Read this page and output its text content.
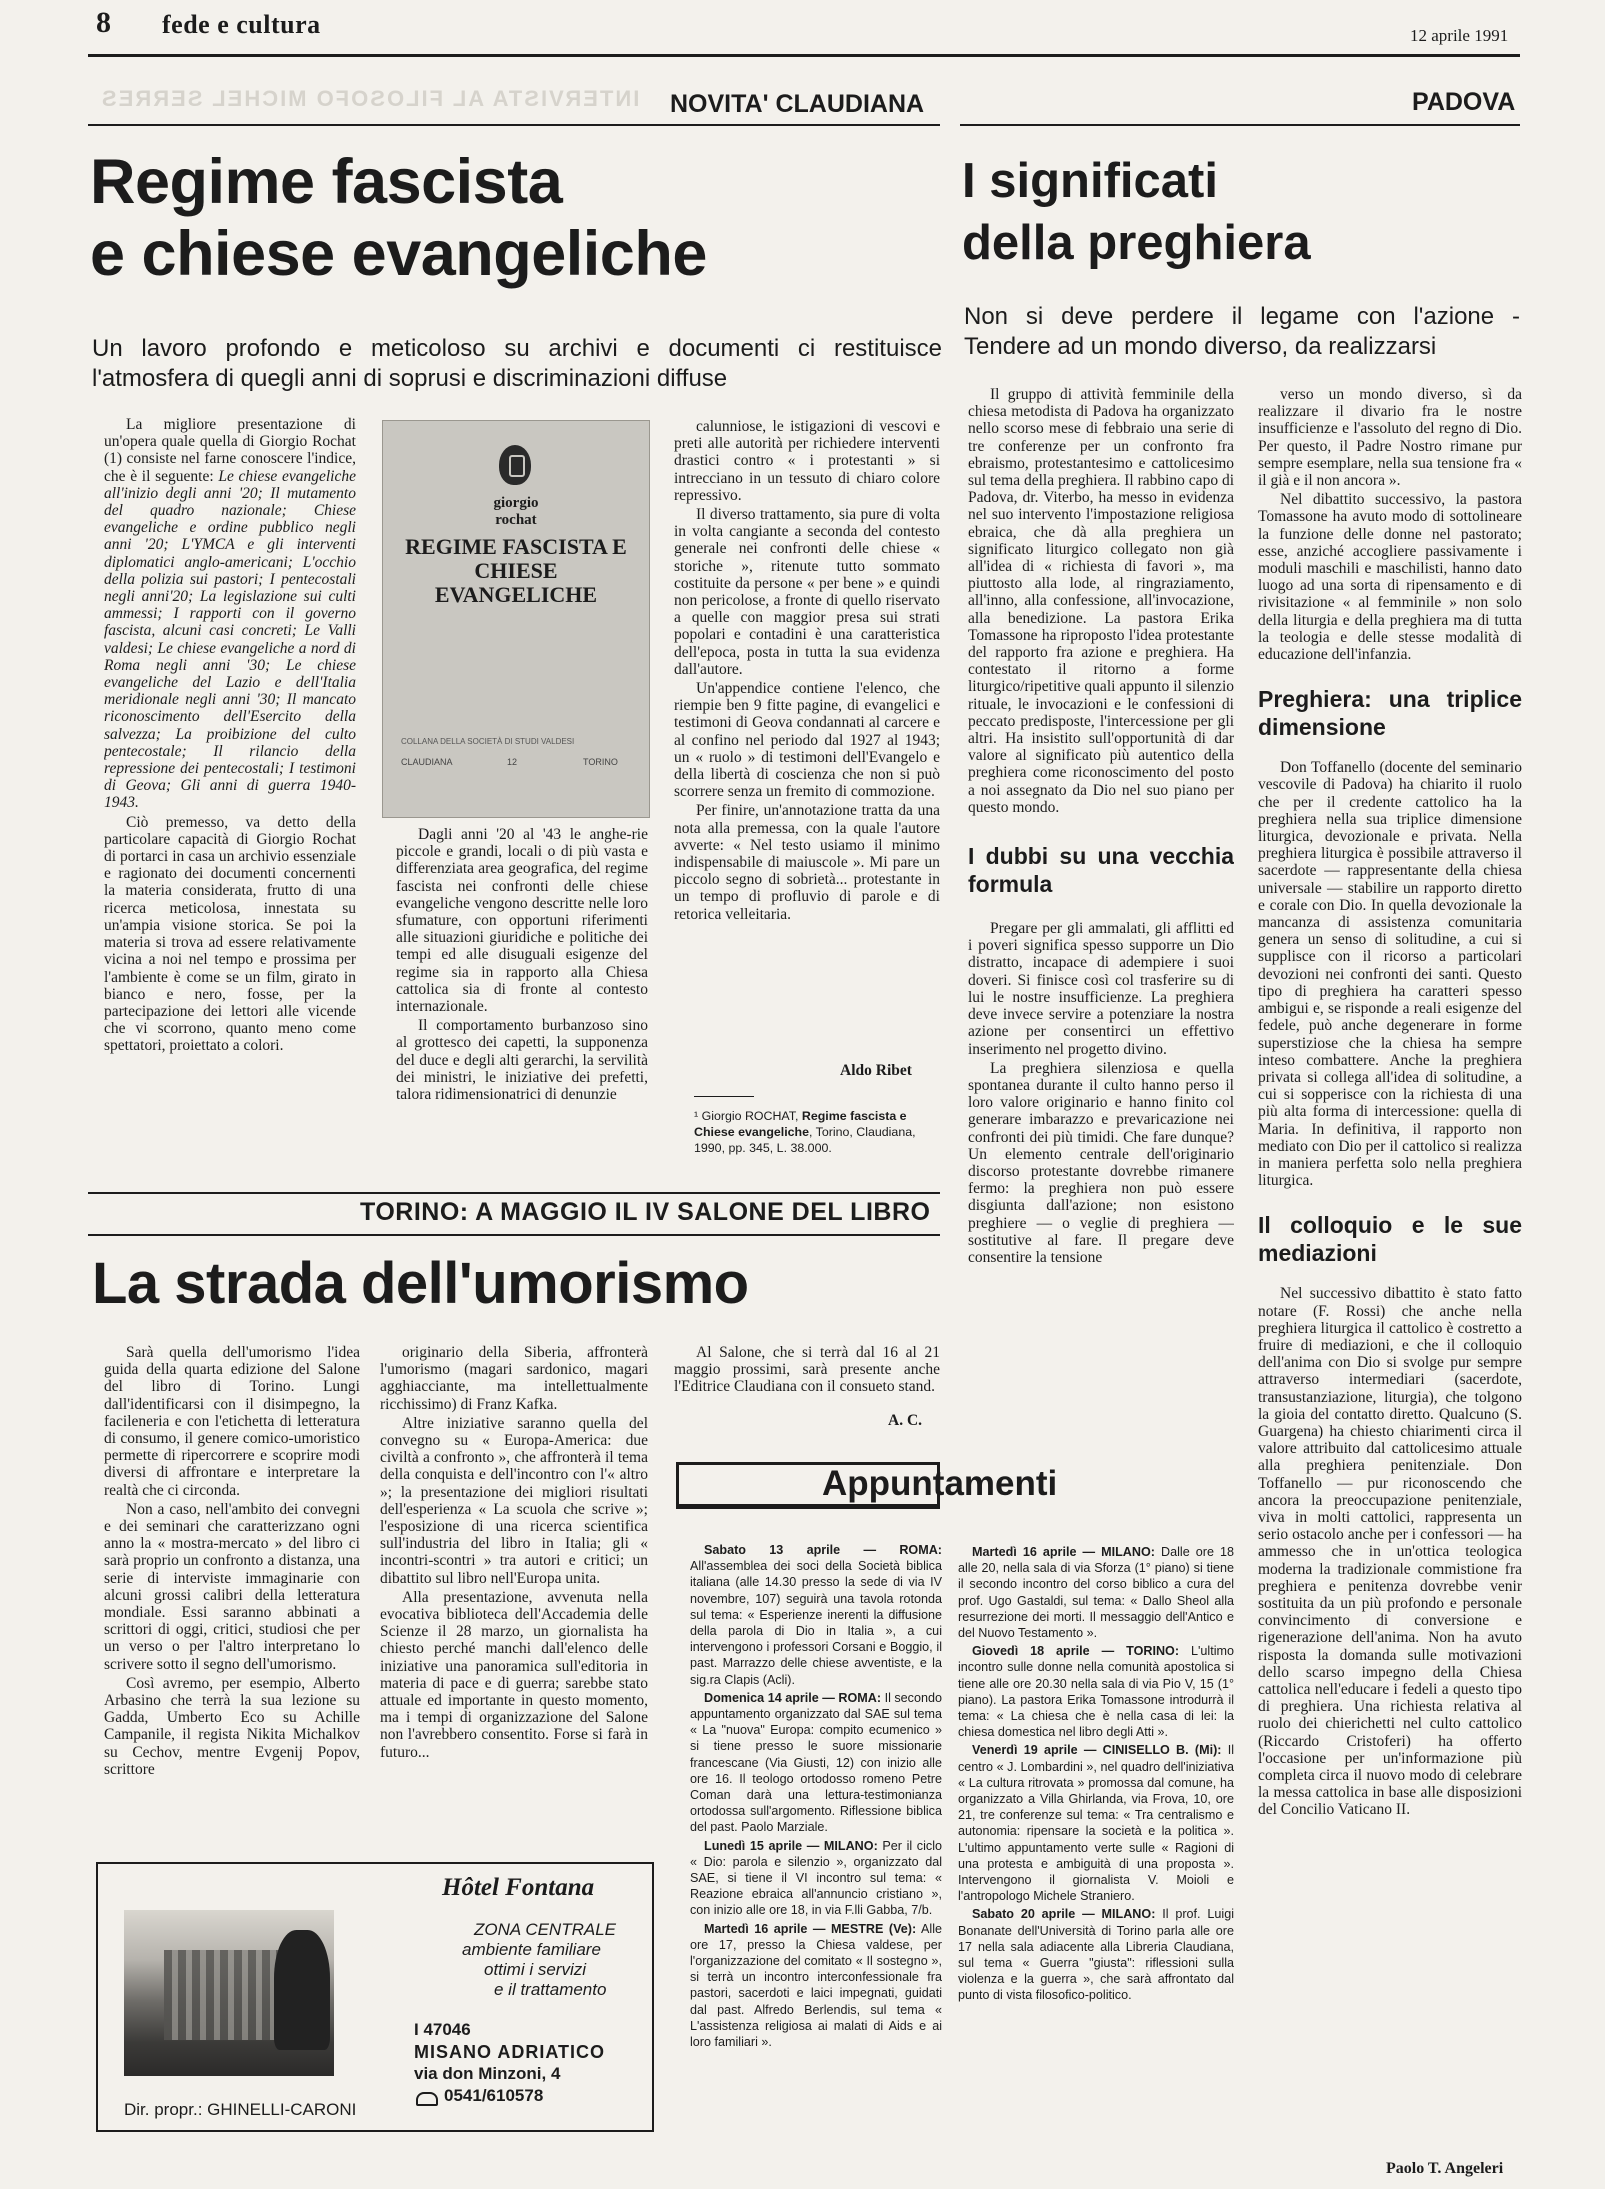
8 fede e cultura	12 aprile 1991
INTERVISTA AL FILOSOFO MICHEL SERRES NOVITA' CLAUDIANA	PADOVA
Regime fascista
e chiese evangeliche
Un lavoro profondo e meticoloso su archivi e documenti ci restituisce l'atmosfera di quegli anni di soprusi e discriminazioni diffuse

La migliore presentazione di un'opera quale quella di Giorgio Rochat (1) consiste nel farne conoscere l'indice, che è il seguente: Le chiese evangeliche all'inizio degli anni '20; Il mutamento del quadro nazionale; Chiese evangeliche e ordine pubblico negli anni '20; L'YMCA e gli interventi diplomatici anglo-americani; L'occhio della polizia sui pastori; I pentecostali negli anni'20; La legislazione sui culti ammessi; I rapporti con il governo fascista, alcuni casi concreti; Le Valli valdesi; Le chiese evangeliche a nord di Roma negli anni '30; Le chiese evangeliche del Lazio e dell'Italia meridionale negli anni '30; Il mancato riconoscimento dell'Esercito della salvezza; La proibizione del culto pentecostale; Il rilancio della repressione dei pentecostali; I testimoni di Geova; Gli anni di guerra 1940-1943.

Ciò premesso, va detto della particolare capacità di Giorgio Rochat di portarci in casa un archivio essenziale e ragionato dei documenti concernenti la materia considerata, frutto di una ricerca meticolosa, innestata su un'ampia visione storica. Se poi la materia si trova ad essere relativamente vicina a noi nel tempo e prossima per l'ambiente è come se un film, girato in bianco e nero, fosse, per la partecipazione dei lettori alle vicende che vi scorrono, quanto meno come spettatori, proiettato a colori.

giorgio
rochat
REGIME FASCISTA E CHIESE EVANGELICHE
COLLANA DELLA SOCIETÀ DI STUDI VALDESI
CLAUDIANA	12	TORINO

Dagli anni '20 al '43 le anghe-rie piccole e grandi, locali o di più vasta e differenziata area geografica, del regime fascista nei confronti delle chiese evangeliche vengono descritte nelle loro sfumature, con opportuni riferimenti alle situazioni giuridiche e politiche dei tempi ed alle disuguali esigenze del regime sia in rapporto alla Chiesa cattolica sia di fronte al contesto internazionale.

Il comportamento burbanzoso sino al grottesco dei capetti, la supponenza del duce e degli alti gerarchi, la servilità dei ministri, le iniziative dei prefetti, talora ridimensionatrici di denunzie

calunniose, le istigazioni di vescovi e preti alle autorità per richiedere interventi drastici contro « i protestanti » si intrecciano in un tessuto di chiaro colore repressivo.

Il diverso trattamento, sia pure di volta in volta cangiante a seconda del contesto generale nei confronti delle chiese « storiche », ritenute tutto sommato costituite da persone « per bene » e quindi non pericolose, a fronte di quello riservato a quelle con maggior presa sui strati popolari e contadini è una caratteristica dell'epoca, posta in tutta la sua evidenza dall'autore.

Un'appendice contiene l'elenco, che riempie ben 9 fitte pagine, di evangelici e testimoni di Geova condannati al carcere e al confino nel periodo dal 1927 al 1943; un « ruolo » di testimoni dell'Evangelo e della libertà di coscienza che non si può scorrere senza un fremito di commozione.

Per finire, un'annotazione tratta da una nota alla premessa, con la quale l'autore avverte: « Nel testo usiamo il minimo indispensabile di maiuscole ». Mi pare un piccolo segno di sobrietà... protestante in un tempo di profluvio di parole e di retorica velleitaria.

Aldo Ribet
¹ Giorgio ROCHAT, Regime fascista e Chiese evangeliche, Torino, Claudiana, 1990, pp. 345, L. 38.000.
TORINO: A MAGGIO IL IV SALONE DEL LIBRO
La strada dell'umorismo

Sarà quella dell'umorismo l'idea guida della quarta edizione del Salone del libro di Torino. Lungi dall'identificarsi con il disimpegno, la facileneria e con l'etichetta di letteratura di consumo, il genere comico-umoristico permette di ripercorrere e scoprire modi diversi di affrontare e interpretare la realtà che ci circonda.

Non a caso, nell'ambito dei convegni e dei seminari che caratterizzano ogni anno la « mostra-mercato » del libro ci sarà proprio un confronto a distanza, una serie di interviste immaginarie con alcuni grossi calibri della letteratura mondiale. Essi saranno abbinati a scrittori di oggi, critici, studiosi che per un verso o per l'altro interpretano lo scrivere sotto il segno dell'umorismo.

Così avremo, per esempio, Alberto Arbasino che terrà la sua lezione su Gadda, Umberto Eco su Achille Campanile, il regista Nikita Michalkov su Cechov, mentre Evgenij Popov, scrittore

originario della Siberia, affronterà l'umorismo (magari sardonico, magari agghiacciante, ma intellettualmente ricchissimo) di Franz Kafka.

Altre iniziative saranno quella del convegno su « Europa-America: due civiltà a confronto », che affronterà il tema della conquista e dell'incontro con l'« altro »; la presentazione dei migliori risultati dell'esperienza « La scuola che scrive »; l'esposizione di una ricerca scientifica sull'industria del libro in Italia; gli « incontri-scontri » tra autori e critici; un dibattito sul libro nell'Europa unita.

Alla presentazione, avvenuta nella evocativa biblioteca dell'Accademia delle Scienze il 28 marzo, un giornalista ha chiesto perché manchi dall'elenco delle iniziative una panoramica sull'editoria in materia di pace e di guerra; sarebbe stato attuale ed importante in questo momento, ma i tempi di organizzazione del Salone non l'avrebbero consentito. Forse si farà in futuro...

Al Salone, che si terrà dal 16 al 21 maggio prossimi, sarà presente anche l'Editrice Claudiana con il consueto stand.

A. C.
Appuntamenti

Sabato 13 aprile — ROMA: All'assemblea dei soci della Società biblica italiana (alle 14.30 presso la sede di via IV novembre, 107) seguirà una tavola rotonda sul tema: « Esperienze inerenti la diffusione della parola di Dio in Italia », a cui intervengono i professori Corsani e Boggio, il past. Marrazzo delle chiese avventiste, e la sig.ra Clapis (Acli).

Domenica 14 aprile — ROMA: Il secondo appuntamento organizzato dal SAE sul tema « La "nuova" Europa: compito ecumenico » si tiene presso le suore missionarie francescane (Via Giusti, 12) con inizio alle ore 16. Il teologo ortodosso romeno Petre Coman darà una lettura-testimonianza ortodossa sull'argomento. Riflessione biblica del past. Paolo Marziale.

Lunedì 15 aprile — MILANO: Per il ciclo « Dio: parola e silenzio », organizzato dal SAE, si tiene il VI incontro sul tema: « Reazione ebraica all'annuncio cristiano », con inizio alle ore 18, in via F.lli Gabba, 7/b.

Martedì 16 aprile — MESTRE (Ve): Alle ore 17, presso la Chiesa valdese, per l'organizzazione del comitato « Il sostegno », si terrà un incontro interconfessionale fra pastori, sacerdoti e laici impegnati, guidati dal past. Alfredo Berlendis, sul tema « L'assistenza religiosa ai malati di Aids e ai loro familiari ».

Hôtel Fontana
ZONA CENTRALE
ambiente familiare
ottimi i servizi
e il trattamento
I 47046
MISANO ADRIATICO
via don Minzoni, 4
0541/610578
Dir. propr.: GHINELLI-CARONI
I significati
della preghiera
Non si deve perdere il legame con l'azione - Tendere ad un mondo diverso, da realizzarsi

Il gruppo di attività femminile della chiesa metodista di Padova ha organizzato nello scorso mese di febbraio una serie di tre conferenze per un confronto fra ebraismo, protestantesimo e cattolicesimo sul tema della preghiera. Il rabbino capo di Padova, dr. Viterbo, ha messo in evidenza nel suo intervento l'impostazione religiosa ebraica, che dà alla preghiera un significato liturgico collegato non già all'idea di « richiesta di favori », ma piuttosto alla lode, al ringraziamento, all'inno, alla confessione, all'invocazione, alla benedizione. La pastora Erika Tomassone ha riproposto l'idea protestante del rapporto fra azione e preghiera. Ha contestato il ritorno a forme liturgico/ripetitive quali appunto il silenzio rituale, le invocazioni e le confessioni di peccato predisposte, l'intercessione per gli altri. Ha insistito sull'opportunità di dar valore al significato più autentico della preghiera come riconoscimento del posto a noi assegnato da Dio nel suo piano per questo mondo.

I dubbi su una vecchia formula

Pregare per gli ammalati, gli afflitti ed i poveri significa spesso supporre un Dio distratto, incapace di adempiere i suoi doveri. Si finisce così col trasferire su di lui le nostre insufficienze. La preghiera deve invece servire a potenziare la nostra azione per consentirci un effettivo inserimento nel progetto divino.

La preghiera silenziosa e quella spontanea durante il culto hanno perso il loro valore originario e hanno finito col generare imbarazzo e prevaricazione nei confronti dei più timidi. Che fare dunque? Un elemento centrale dell'originario discorso protestante dovrebbe rimanere fermo: la preghiera non può essere disgiunta dall'azione; non esistono preghiere — o veglie di preghiera — sostitutive al fare. Il pregare deve consentire la tensione

verso un mondo diverso, sì da realizzare il divario fra le nostre insufficienze e l'assoluto del regno di Dio. Per questo, il Padre Nostro rimane pur sempre esemplare, nella sua tensione fra « il già e il non ancora ».

Nel dibattito successivo, la pastora Tomassone ha avuto modo di sottolineare la funzione delle donne nel pastorato; esse, anziché accogliere passivamente i moduli maschili e maschilisti, hanno dato luogo ad una sorta di ripensamento e di rivisitazione « al femminile » non solo della liturgia e della preghiera ma di tutta la teologia e delle stesse modalità di educazione dell'infanzia.

Preghiera: una triplice dimensione

Don Toffanello (docente del seminario vescovile di Padova) ha chiarito il ruolo che per il credente cattolico ha la preghiera nella sua triplice dimensione liturgica, devozionale e privata. Nella preghiera liturgica è possibile attraverso il sacerdote — rappresentante della chiesa universale — stabilire un rapporto diretto e corale con Dio. In quella devozionale la mancanza di assistenza comunitaria genera un senso di solitudine, a cui si supplisce con il ricorso a particolari devozioni nei confronti dei santi. Questo tipo di preghiera ha caratteri spesso ambigui e, se risponde a reali esigenze del fedele, può anche degenerare in forme superstiziose che la chiesa ha sempre inteso combattere. Anche la preghiera privata si collega all'idea di solitudine, a cui si sopperisce con la richiesta di una più alta forma di intercessione: quella di Maria. In definitiva, il rapporto non mediato con Dio per il cattolico si realizza in maniera perfetta solo nella preghiera liturgica.

Il colloquio e le sue mediazioni

Nel successivo dibattito è stato fatto notare (F. Rossi) che anche nella preghiera liturgica il cattolico è costretto a fruire di mediazioni, e che il colloquio dell'anima con Dio si svolge pur sempre attraverso intermediari (sacerdote, transustanziazione, liturgia), che tolgono la gioia del contatto diretto. Qualcuno (S. Guargena) ha chiesto chiarimenti circa il valore attribuito dal cattolicesimo attuale alla preghiera penitenziale. Don Toffanello — pur riconoscendo che ancora la preoccupazione penitenziale, viva in molti cattolici, rappresenta un serio ostacolo anche per i confessori — ha ammesso che in un'ottica teologica moderna la tradizionale commistione fra preghiera e penitenza dovrebbe venir sostituita da un più profondo e personale convincimento di conversione e rigenerazione dell'anima. Non ha avuto risposta la domanda sulle motivazioni dello scarso impegno della Chiesa cattolica nell'educare i fedeli a questo tipo di preghiera. Una richiesta relativa al ruolo dei chierichetti nel culto cattolico (Riccardo Cristoferi) ha offerto l'occasione per un'informazione più completa circa il nuovo modo di celebrare la messa cattolica in base alle disposizioni del Concilio Vaticano II.

Martedì 16 aprile — MILANO: Dalle ore 18 alle 20, nella sala di via Sforza (1° piano) si tiene il secondo incontro del corso biblico a cura del prof. Ugo Gastaldi, sul tema: « Dallo Sheol alla resurrezione dei morti. Il messaggio dell'Antico e del Nuovo Testamento ».

Giovedì 18 aprile — TORINO: L'ultimo incontro sulle donne nella comunità apostolica si tiene alle ore 20.30 nella sala di via Pio V, 15 (1° piano). La pastora Erika Tomassone introdurrà il tema: « La chiesa che è nella casa di lei: la chiesa domestica nel libro degli Atti ».

Venerdì 19 aprile — CINISELLO B. (Mi): Il centro « J. Lombardini », nel quadro dell'iniziativa « La cultura ritrovata » promossa dal comune, ha organizzato a Villa Ghirlanda, via Frova, 10, ore 21, tre conferenze sul tema: « Tra centralismo e autonomia: ripensare la società e la politica ». L'ultimo appuntamento verte sulle « Ragioni di una protesta e ambiguità di una proposta ». Intervengono il giornalista V. Moioli e l'antropologo Michele Straniero.

Sabato 20 aprile — MILANO: Il prof. Luigi Bonanate dell'Università di Torino parla alle ore 17 nella sala adiacente alla Libreria Claudiana, sul tema « Guerra "giusta": riflessioni sulla violenza e la guerra », che sarà affrontato dal punto di vista filosofico-politico.

Paolo T. Angeleri
